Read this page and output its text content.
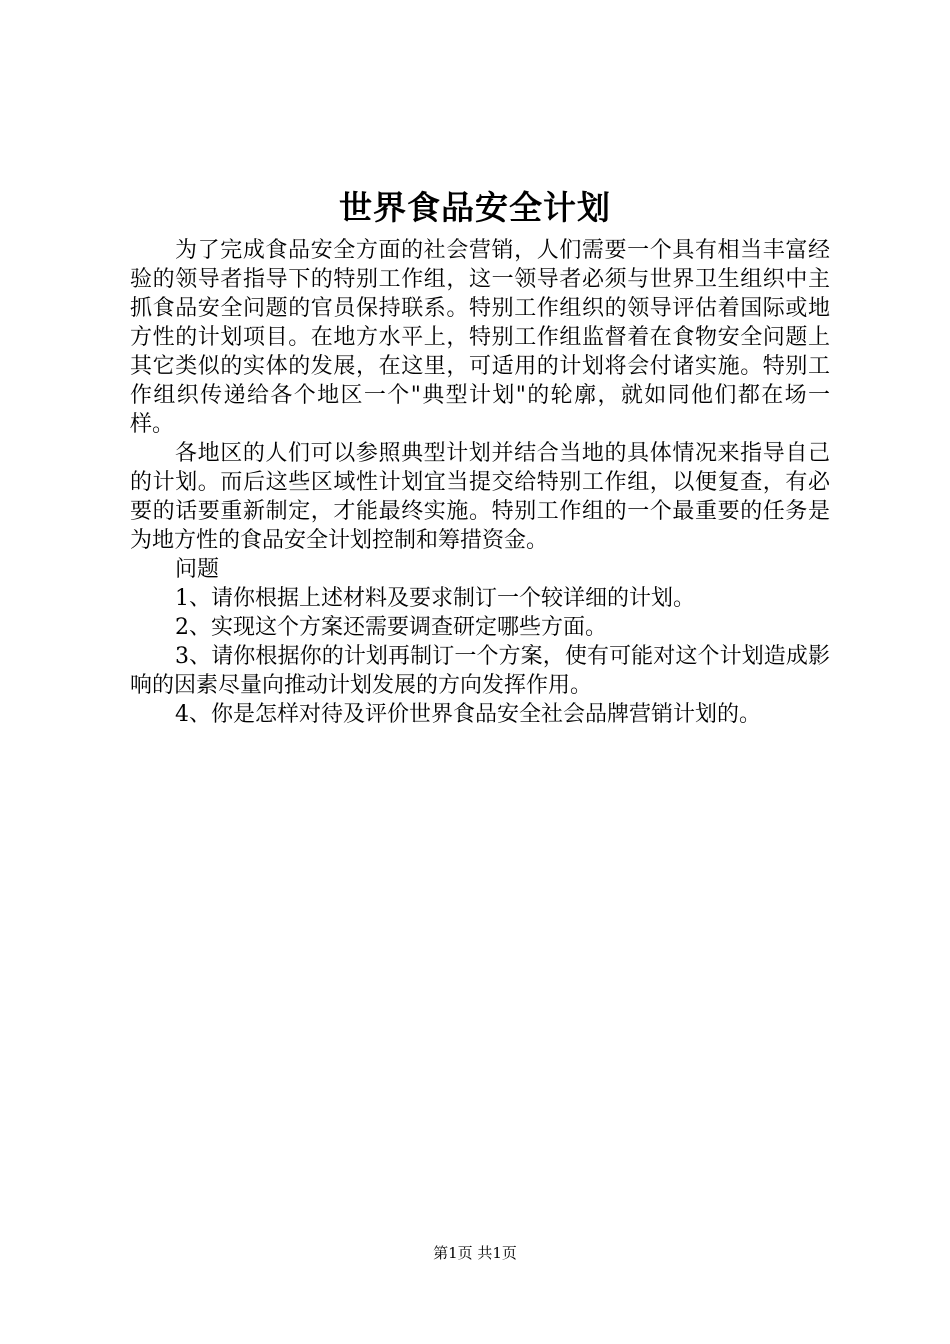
世界食品安全计划

为了完成食品安全方面的社会营销，人们需要一个具有相当丰富经验的领导者指导下的特别工作组，这一领导者必须与世界卫生组织中主抓食品安全问题的官员保持联系。特别工作组织的领导评估着国际或地方性的计划项目。在地方水平上，特别工作组监督着在食物安全问题上其它类似的实体的发展，在这里，可适用的计划将会付诸实施。特别工作组织传递给各个地区一个"典型计划"的轮廓，就如同他们都在场一样。

各地区的人们可以参照典型计划并结合当地的具体情况来指导自己的计划。而后这些区域性计划宜当提交给特别工作组，以便复查，有必要的话要重新制定，才能最终实施。特别工作组的一个最重要的任务是为地方性的食品安全计划控制和筹措资金。

问题

1、请你根据上述材料及要求制订一个较详细的计划。

2、实现这个方案还需要调查研定哪些方面。

3、请你根据你的计划再制订一个方案，使有可能对这个计划造成影响的因素尽量向推动计划发展的方向发挥作用。

4、你是怎样对待及评价世界食品安全社会品牌营销计划的。

第1页 共1页
